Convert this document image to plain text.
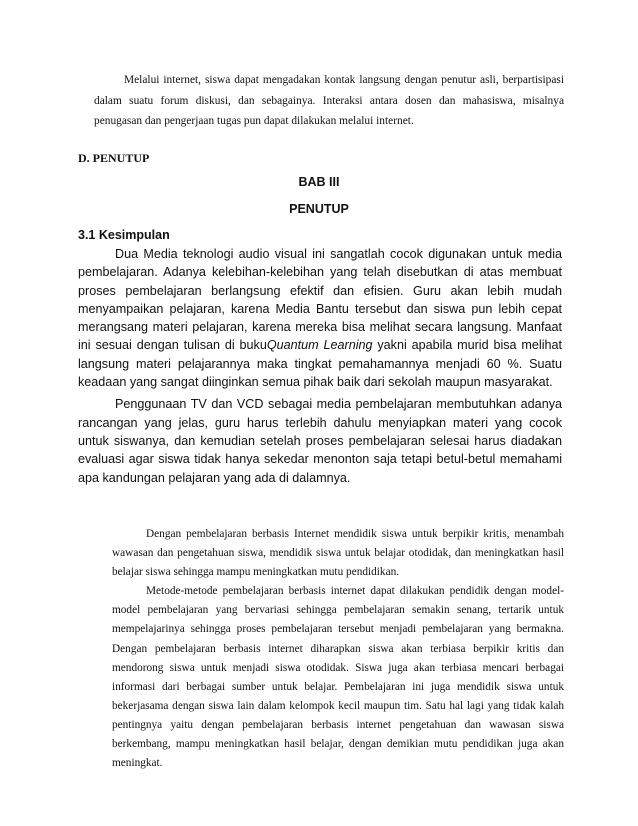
Melalui internet, siswa dapat mengadakan kontak langsung dengan penutur asli, berpartisipasi dalam suatu forum diskusi, dan sebagainya. Interaksi antara dosen dan mahasiswa, misalnya penugasan dan pengerjaan tugas pun dapat dilakukan melalui internet.

D. PENUTUP
BAB III
PENUTUP
3.1 Kesimpulan

Dua Media teknologi audio visual ini sangatlah cocok digunakan untuk media pembelajaran. Adanya kelebihan-kelebihan yang telah disebutkan di atas membuat proses pembelajaran berlangsung efektif dan efisien. Guru akan lebih mudah menyampaikan pelajaran, karena Media Bantu tersebut dan siswa pun lebih cepat merangsang materi pelajaran, karena mereka bisa melihat secara langsung. Manfaat ini sesuai dengan tulisan di bukuQuantum Learning yakni apabila murid bisa melihat langsung materi pelajarannya maka tingkat pemahamannya menjadi 60 %. Suatu keadaan yang sangat diinginkan semua pihak baik dari sekolah maupun masyarakat.

Penggunaan TV dan VCD sebagai media pembelajaran membutuhkan adanya rancangan yang jelas, guru harus terlebih dahulu menyiapkan materi yang cocok untuk siswanya, dan kemudian setelah proses pembelajaran selesai harus diadakan evaluasi agar siswa tidak hanya sekedar menonton saja tetapi betul-betul memahami apa kandungan pelajaran yang ada di dalamnya.

Dengan pembelajaran berbasis Internet mendidik siswa untuk berpikir kritis, menambah wawasan dan pengetahuan siswa, mendidik siswa untuk belajar otodidak, dan meningkatkan hasil belajar siswa sehingga mampu meningkatkan mutu pendidikan.

Metode-metode pembelajaran berbasis internet dapat dilakukan pendidik dengan model-model pembelajaran yang bervariasi sehingga pembelajaran semakin senang, tertarik untuk mempelajarinya sehingga proses pembelajaran tersebut menjadi pembelajaran yang bermakna. Dengan pembelajaran berbasis internet diharapkan siswa akan terbiasa berpikir kritis dan mendorong siswa untuk menjadi siswa otodidak. Siswa juga akan terbiasa mencari berbagai informasi dari berbagai sumber untuk belajar. Pembelajaran ini juga mendidik siswa untuk bekerjasama dengan siswa lain dalam kelompok kecil maupun tim. Satu hal lagi yang tidak kalah pentingnya yaitu dengan pembelajaran berbasis internet pengetahuan dan wawasan siswa berkembang, mampu meningkatkan hasil belajar, dengan demikian mutu pendidikan juga akan meningkat.
